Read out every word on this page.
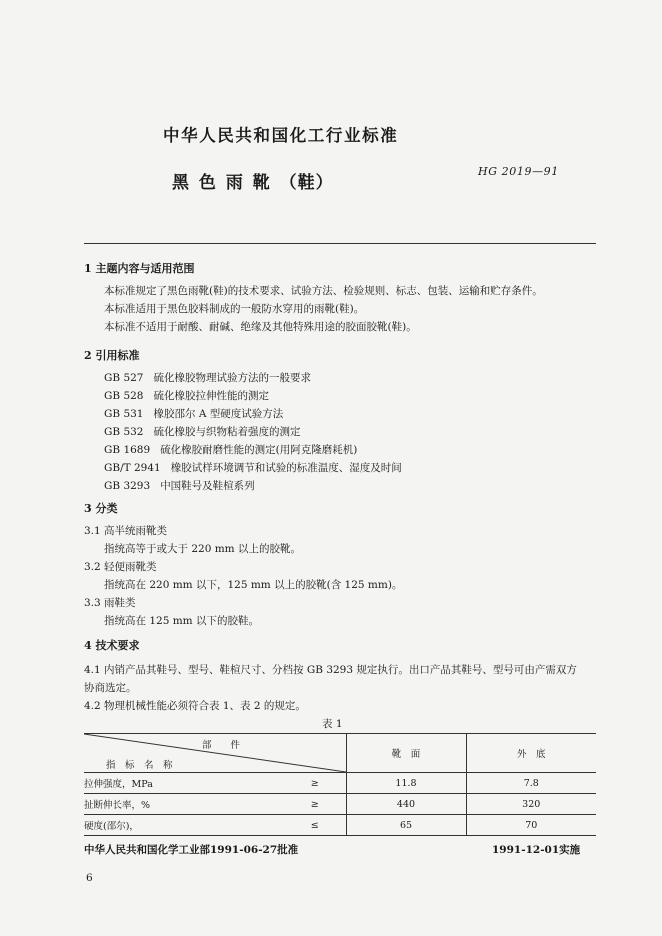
中华人民共和国化工行业标准
黑 色 雨 靴 （鞋）
HG 2019—91
1 主题内容与适用范围
本标准规定了黑色雨靴(鞋)的技术要求、试验方法、检验规则、标志、包装、运输和贮存条件。
本标准适用于黑色胶料制成的一般防水穿用的雨靴(鞋)。
本标准不适用于耐酸、耐碱、绝缘及其他特殊用途的胶面胶靴(鞋)。
2 引用标准
GB 527 硫化橡胶物理试验方法的一般要求
GB 528 硫化橡胶拉伸性能的测定
GB 531 橡胶邵尔 A 型硬度试验方法
GB 532 硫化橡胶与织物粘着强度的测定
GB 1689 硫化橡胶耐磨性能的测定(用阿克隆磨耗机)
GB/T 2941 橡胶试样环境调节和试验的标准温度、湿度及时间
GB 3293 中国鞋号及鞋楦系列
3 分类
3.1 高半统雨靴类
指统高等于或大于 220 mm 以上的胶靴。
3.2 轻便雨靴类
指统高在 220 mm 以下，125 mm 以上的胶靴(含 125 mm)。
3.3 雨鞋类
指统高在 125 mm 以下的胶鞋。
4 技术要求
4.1 内销产品其鞋号、型号、鞋楦尺寸、分档按 GB 3293 规定执行。出口产品其鞋号、型号可由产需双方
协商选定。
4.2 物理机械性能必须符合表 1、表 2 的规定。
表 1
部　　件
指　标　名　称		靴　面	外　底
拉伸强度，MPa	≥	11.8	7.8
扯断伸长率，%	≥	440	320
硬度(邵尔)，	≤	65	70
中华人民共和国化学工业部1991-06-27批准	1991-12-01实施
6
